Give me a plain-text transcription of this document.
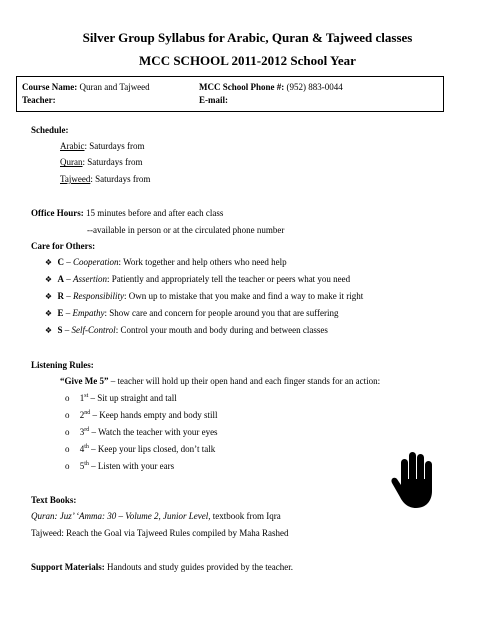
Silver Group Syllabus for Arabic, Quran & Tajweed classes
MCC SCHOOL 2011-2012 School Year
Course Name: Quran and Tajweed	MCC School Phone #: (952) 883-0044
Teacher:	E-mail:
Schedule:
Arabic: Saturdays from
Quran: Saturdays from
Tajweed: Saturdays from
Office Hours: 15 minutes before and after each class
--available in person or at the circulated phone number
Care for Others:
❖ C – Cooperation: Work together and help others who need help
❖ A – Assertion: Patiently and appropriately tell the teacher or peers what you need
❖ R – Responsibility: Own up to mistake that you make and find a way to make it right
❖ E – Empathy: Show care and concern for people around you that are suffering
❖ S – Self-Control: Control your mouth and body during and between classes
Listening Rules:
“Give Me 5” – teacher will hold up their open hand and each finger stands for an action:
o 1st – Sit up straight and tall
o 2nd – Keep hands empty and body still
o 3rd – Watch the teacher with your eyes
o 4th – Keep your lips closed, don’t talk
o 5th – Listen with your ears
Text Books:
Quran: Juz’ ‘Amma: 30 – Volume 2, Junior Level, textbook from Iqra
Tajweed: Reach the Goal via Tajweed Rules compiled by Maha Rashed
Support Materials: Handouts and study guides provided by the teacher.
